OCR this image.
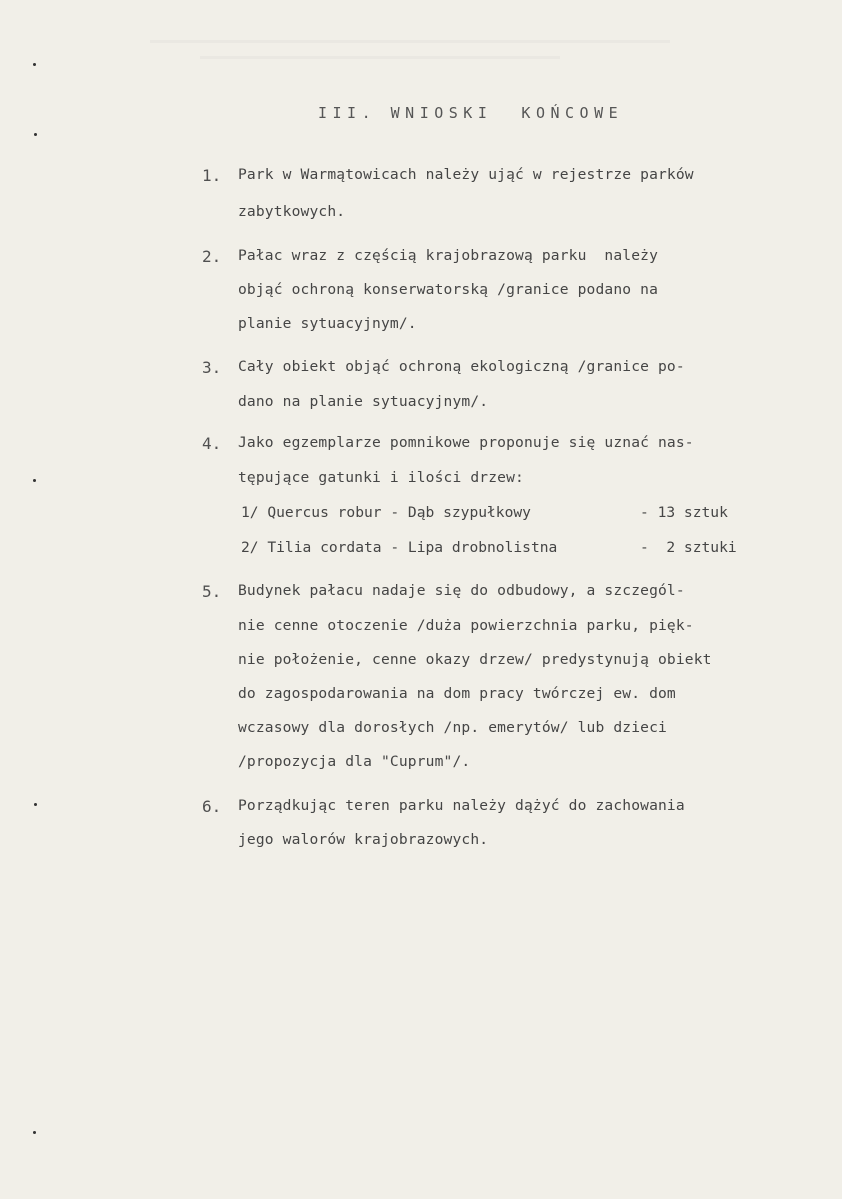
III. WNIOSKI  KOŃCOWE
1. Park w Warmątowicach należy ująć w rejestrze parków
zabytkowych.
2. Pałac wraz z częścią krajobrazową parku  należy
objąć ochroną konserwatorską /granice podano na
planie sytuacyjnym/.
3. Cały obiekt objąć ochroną ekologiczną /granice po-
dano na planie sytuacyjnym/.
4. Jako egzemplarze pomnikowe proponuje się uznać nas-
tępujące gatunki i ilości drzew:
1/ Quercus robur - Dąb szypułkowy	- 13 sztuk
2/ Tilia cordata - Lipa drobnolistna	-  2 sztuki
5. Budynek pałacu nadaje się do odbudowy, a szczegól-
nie cenne otoczenie /duża powierzchnia parku, pięk-
nie położenie, cenne okazy drzew/ predystynują obiekt
do zagospodarowania na dom pracy twórczej ew. dom
wczasowy dla dorosłych /np. emerytów/ lub dzieci
/propozycja dla "Cuprum"/.
6. Porządkując teren parku należy dążyć do zachowania
jego walorów krajobrazowych.
